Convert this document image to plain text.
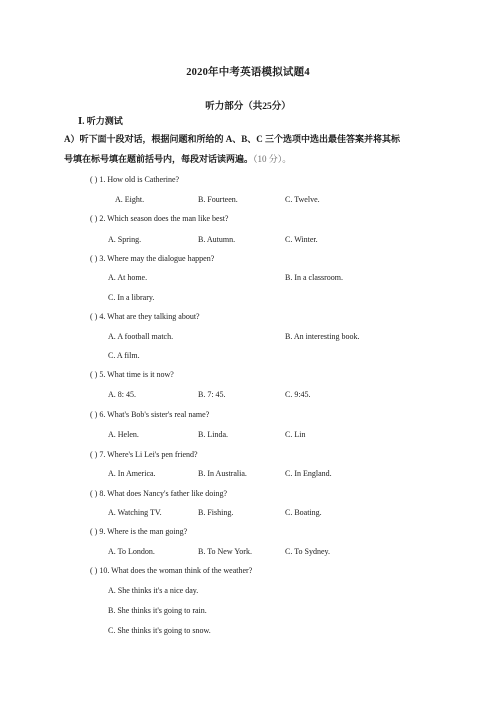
2020年中考英语模拟试题4
听力部分（共25分）
Ⅰ. 听力测试
A）听下面十段对话，根据问题和所给的 A、B、C 三个选项中选出最佳答案并将其标
号填在标号填在题前括号内，每段对话读两遍。（10 分）。
( ) 1. How old is Catherine?
A. Eight.	B. Fourteen.	C. Twelve.
( ) 2. Which season does the man like best?
A. Spring.	B. Autumn.	C. Winter.
( ) 3. Where may the dialogue happen?
A. At home.	B. In a classroom.
C. In a library.
( ) 4. What are they talking about?
A. A football match.	B. An interesting book.
C. A film.
( ) 5. What time is it now?
A. 8: 45.	B. 7: 45.	C. 9:45.
( ) 6. What's Bob's sister's real name?
A. Helen.	B. Linda.	C. Lin
( ) 7. Where's Li Lei's pen friend?
A. In America.	B. In Australia.	C. In England.
( ) 8. What does Nancy's father like doing?
A. Watching TV.	B. Fishing.	C. Boating.
( ) 9. Where is the man going?
A. To London.	B. To New York.	C. To Sydney.
( ) 10. What does the woman think of the weather?
A. She thinks it's a nice day.
B. She thinks it's going to rain.
C. She thinks it's going to snow.
